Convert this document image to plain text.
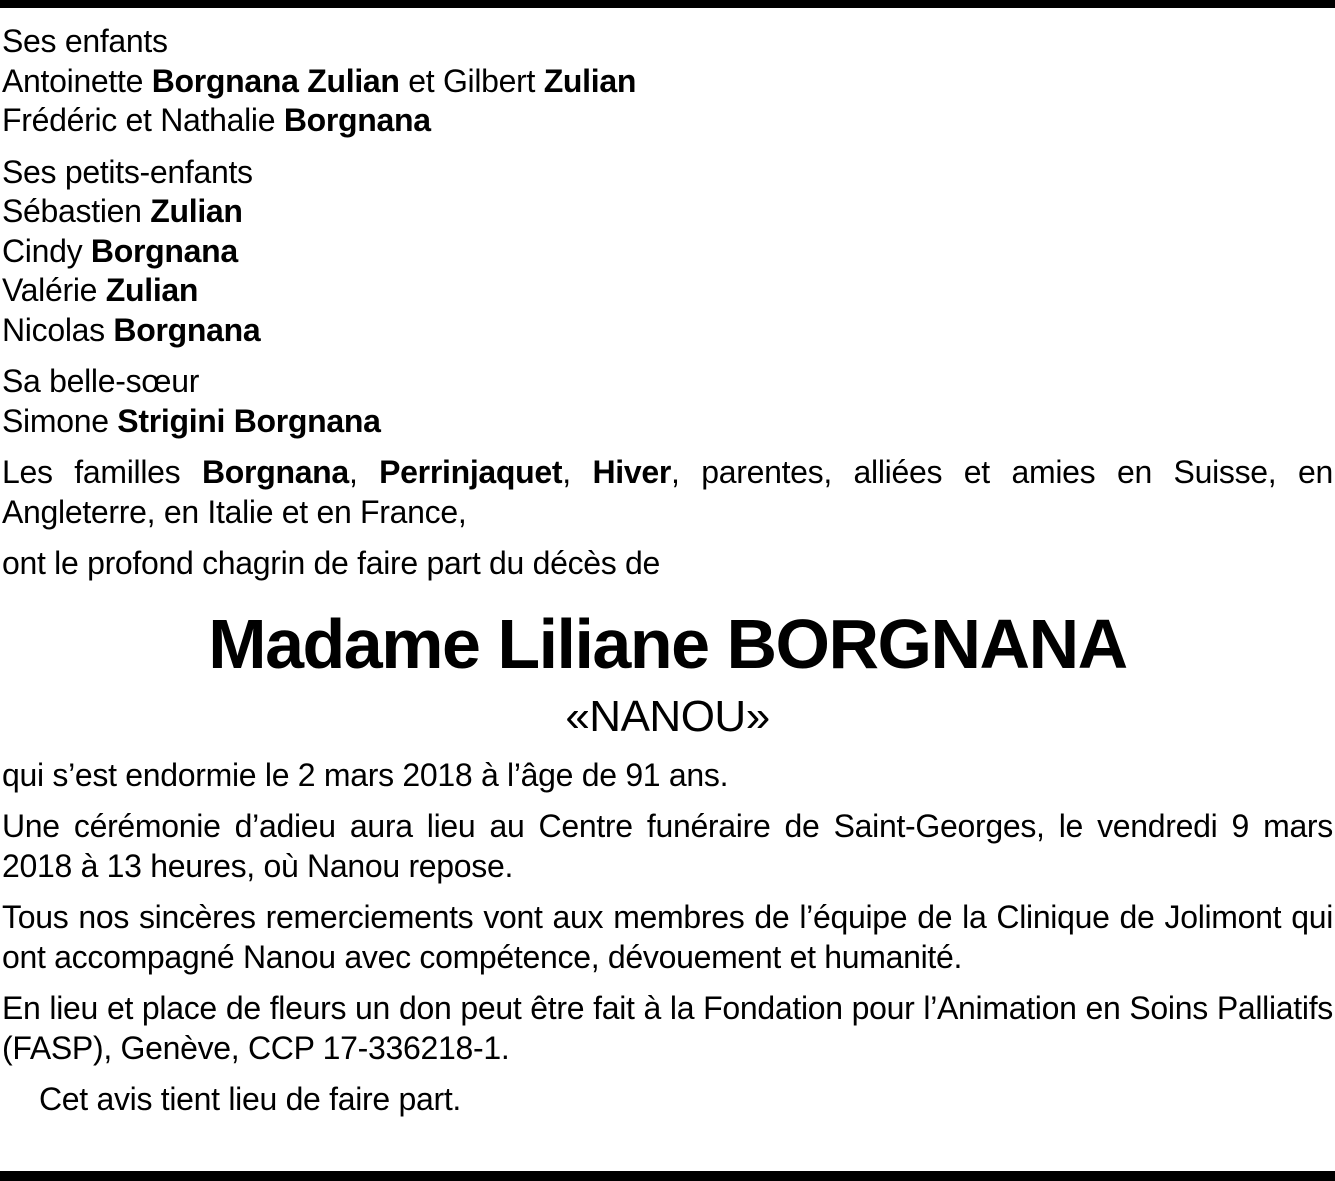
Ses enfants
Antoinette Borgnana Zulian et Gilbert Zulian
Frédéric et Nathalie Borgnana
Ses petits-enfants
Sébastien Zulian
Cindy Borgnana
Valérie Zulian
Nicolas Borgnana
Sa belle-sœur
Simone Strigini Borgnana
Les familles Borgnana, Perrinjaquet, Hiver, parentes, alliées et amies en Suisse, en Angleterre, en Italie et en France,
ont le profond chagrin de faire part du décès de
Madame Liliane BORGNANA
«NANOU»
qui s’est endormie le 2 mars 2018 à l’âge de 91 ans.
Une cérémonie d’adieu aura lieu au Centre funéraire de Saint-Georges, le vendredi 9 mars 2018 à 13 heures, où Nanou repose.
Tous nos sincères remerciements vont aux membres de l’équipe de la Clinique de Jolimont qui ont accompagné Nanou avec compétence, dévouement et humanité.
En lieu et place de fleurs un don peut être fait à la Fondation pour l’Animation en Soins Palliatifs (FASP), Genève, CCP 17-336218-1.
Cet avis tient lieu de faire part.
